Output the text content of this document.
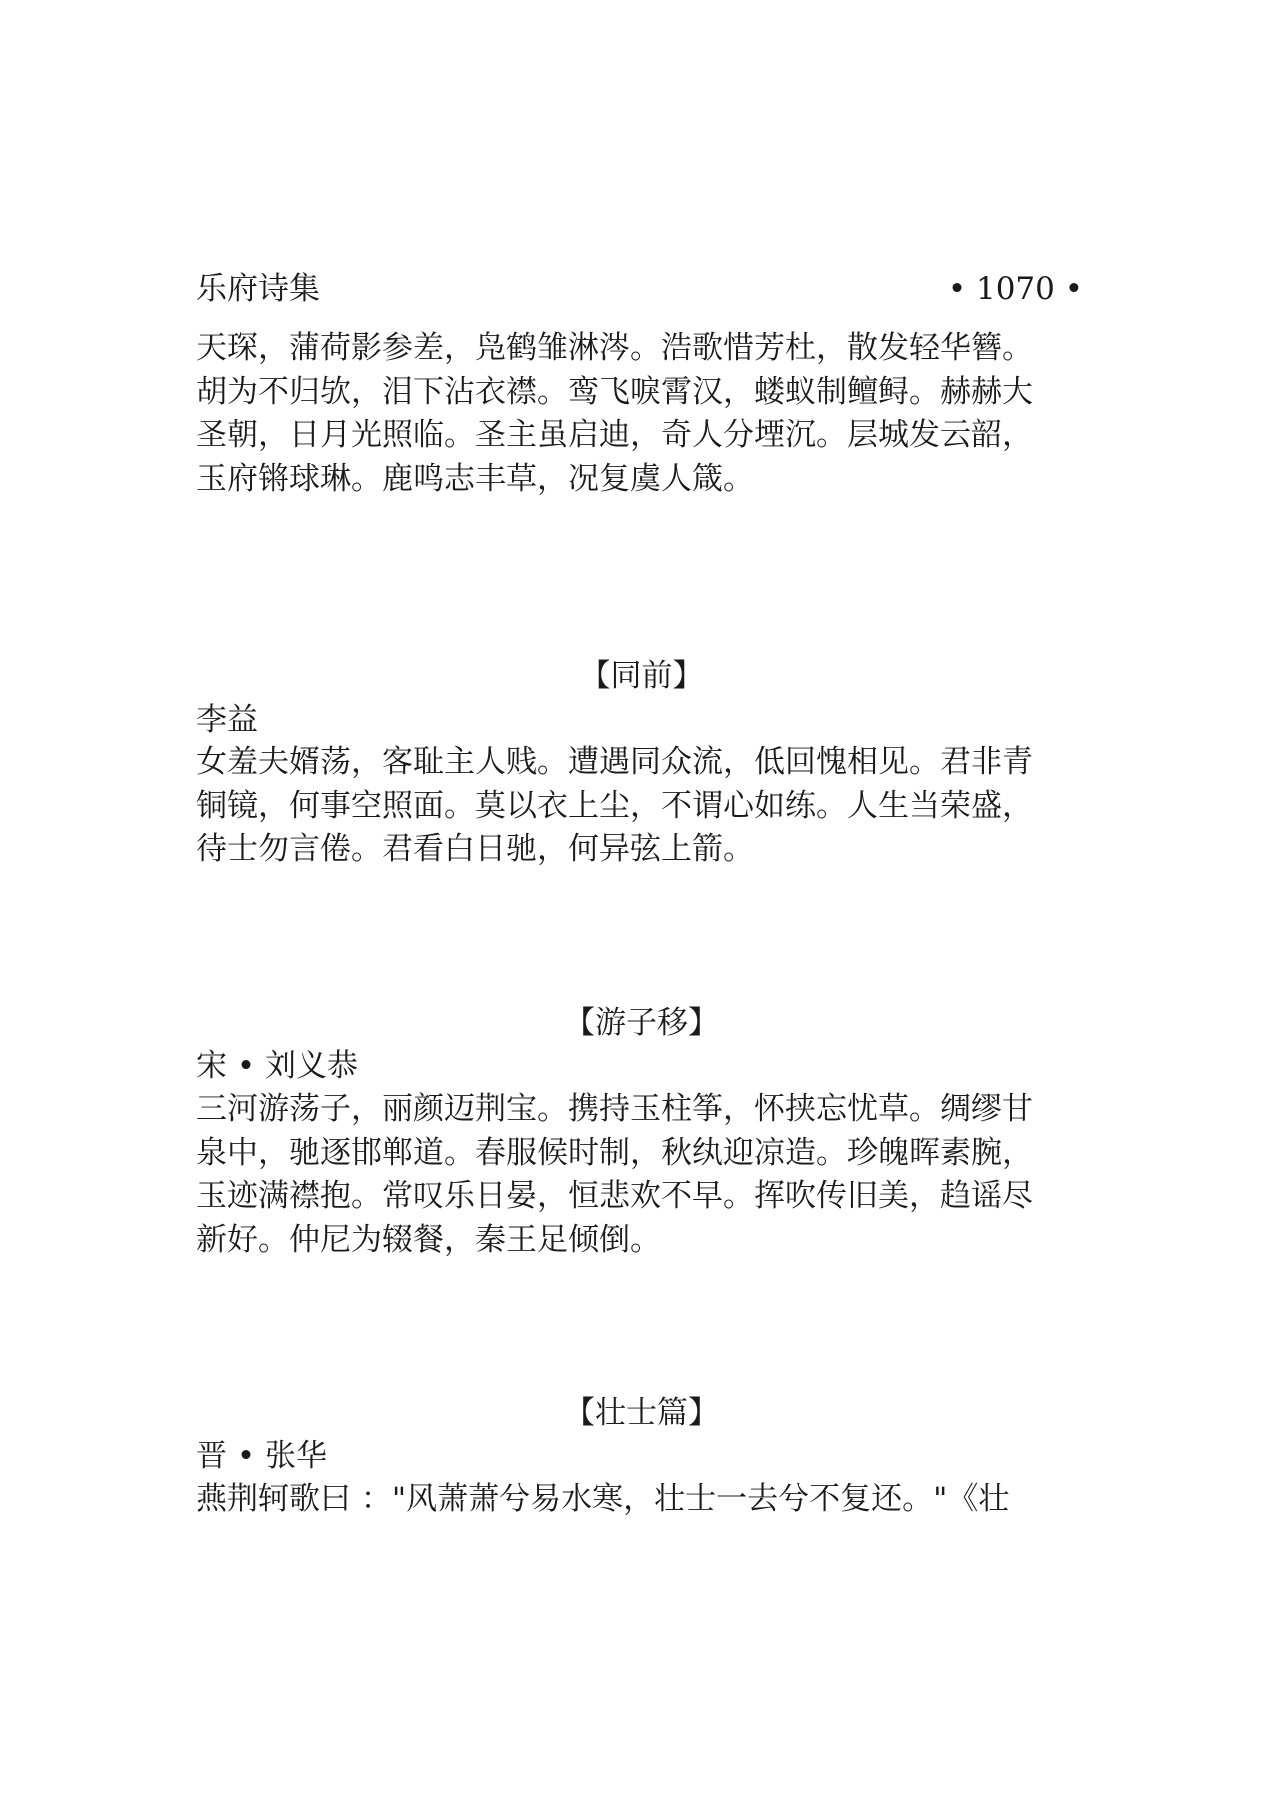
乐府诗集	• 1070 •
天琛，蒲荷影参差，凫鹤雏淋涔。浩歌惜芳杜，散发轻华簪。
胡为不归欤，泪下沾衣襟。鸾飞唳霄汉，蝼蚁制鳣鲟。赫赫大
圣朝，日月光照临。圣主虽启迪，奇人分堙沉。层城发云韶，
玉府锵球琳。鹿鸣志丰草，况复虞人箴。
【同前】
李益
女羞夫婿荡，客耻主人贱。遭遇同众流，低回愧相见。君非青
铜镜，何事空照面。莫以衣上尘，不谓心如练。人生当荣盛，
待士勿言倦。君看白日驰，何异弦上箭。
【游子移】
宋 • 刘义恭
三河游荡子，丽颜迈荆宝。携持玉柱筝，怀挟忘忧草。绸缪甘
泉中，驰逐邯郸道。春服候时制，秋纨迎凉造。珍魄晖素腕，
玉迹满襟抱。常叹乐日晏，恒悲欢不早。挥吹传旧美，趋谣尽
新好。仲尼为辍餐，秦王足倾倒。
【壮士篇】
晋 • 张华
燕荆轲歌曰 ："风萧萧兮易水寒，壮士一去兮不复还。"《壮
